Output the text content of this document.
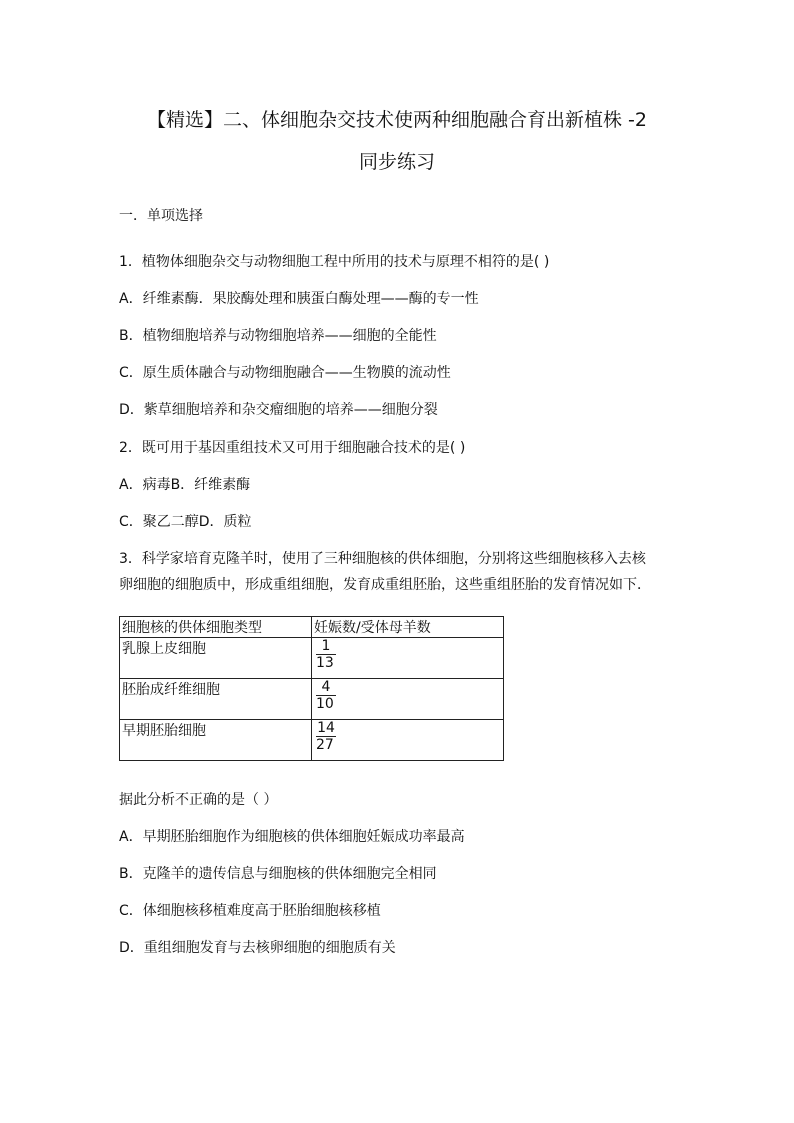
【精选】二、体细胞杂交技术使两种细胞融合育出新植株 -2
同步练习
一．单项选择
1．植物体细胞杂交与动物细胞工程中所用的技术与原理不相符的是( )
A．纤维素酶．果胶酶处理和胰蛋白酶处理——酶的专一性
B．植物细胞培养与动物细胞培养——细胞的全能性
C．原生质体融合与动物细胞融合——生物膜的流动性
D．紫草细胞培养和杂交瘤细胞的培养——细胞分裂
2．既可用于基因重组技术又可用于细胞融合技术的是( )
A．病毒B．纤维素酶
C．聚乙二醇D．质粒
3．科学家培育克隆羊时，使用了三种细胞核的供体细胞，分别将这些细胞核移入去核
卵细胞的细胞质中，形成重组细胞，发育成重组胚胎，这些重组胚胎的发育情况如下．
细胞核的供体细胞类型	妊娠数/受体母羊数
乳腺上皮细胞	$\frac{1}{13}$

胚胎成纤维细胞	$\frac{4}{10}$

早期胚胎细胞	$\frac{14}{27}$
据此分析不正确的是（ ）
A．早期胚胎细胞作为细胞核的供体细胞妊娠成功率最高
B．克隆羊的遗传信息与细胞核的供体细胞完全相同
C．体细胞核移植难度高于胚胎细胞核移植
D．重组细胞发育与去核卵细胞的细胞质有关
